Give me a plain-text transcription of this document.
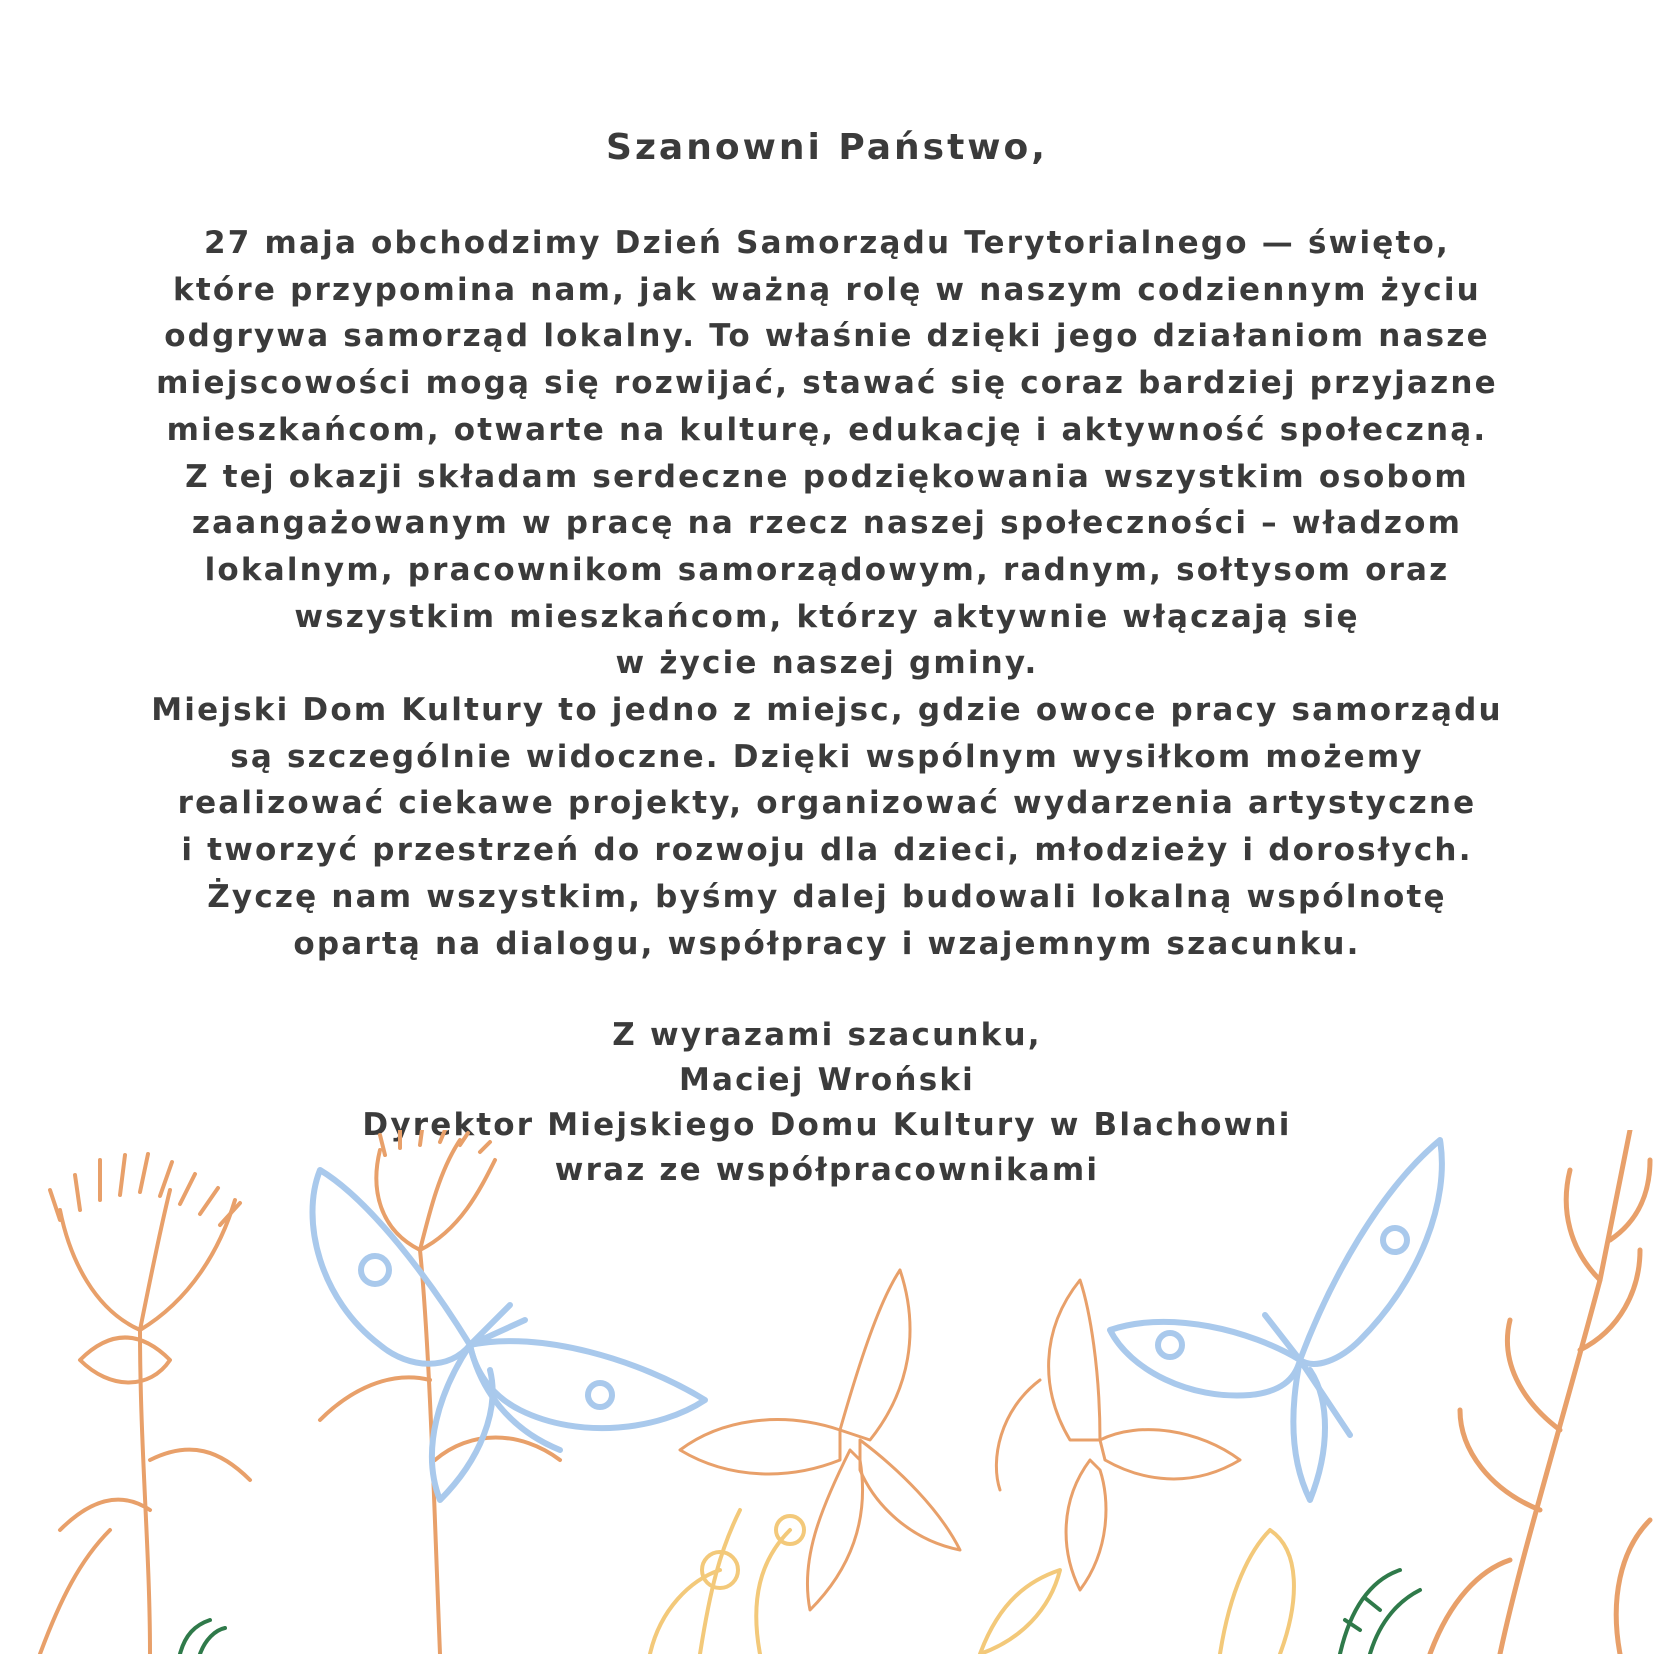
Szanowni Państwo,

27 maja obchodzimy Dzień Samorządu Terytorialnego — święto,
które przypomina nam, jak ważną rolę w naszym codziennym życiu
odgrywa samorząd lokalny. To właśnie dzięki jego działaniom nasze
miejscowości mogą się rozwijać, stawać się coraz bardziej przyjazne
mieszkańcom, otwarte na kulturę, edukację i aktywność społeczną.
Z tej okazji składam serdeczne podziękowania wszystkim osobom
zaangażowanym w pracę na rzecz naszej społeczności – władzom
lokalnym, pracownikom samorządowym, radnym, sołtysom oraz
wszystkim mieszkańcom, którzy aktywnie włączają się
w życie naszej gminy.
Miejski Dom Kultury to jedno z miejsc, gdzie owoce pracy samorządu
są szczególnie widoczne. Dzięki wspólnym wysiłkom możemy
realizować ciekawe projekty, organizować wydarzenia artystyczne
i tworzyć przestrzeń do rozwoju dla dzieci, młodzieży i dorosłych.
Życzę nam wszystkim, byśmy dalej budowali lokalną wspólnotę
opartą na dialogu, współpracy i wzajemnym szacunku.

Z wyrazami szacunku,
Maciej Wroński
Dyrektor Miejskiego Domu Kultury w Blachowni
wraz ze współpracownikami
